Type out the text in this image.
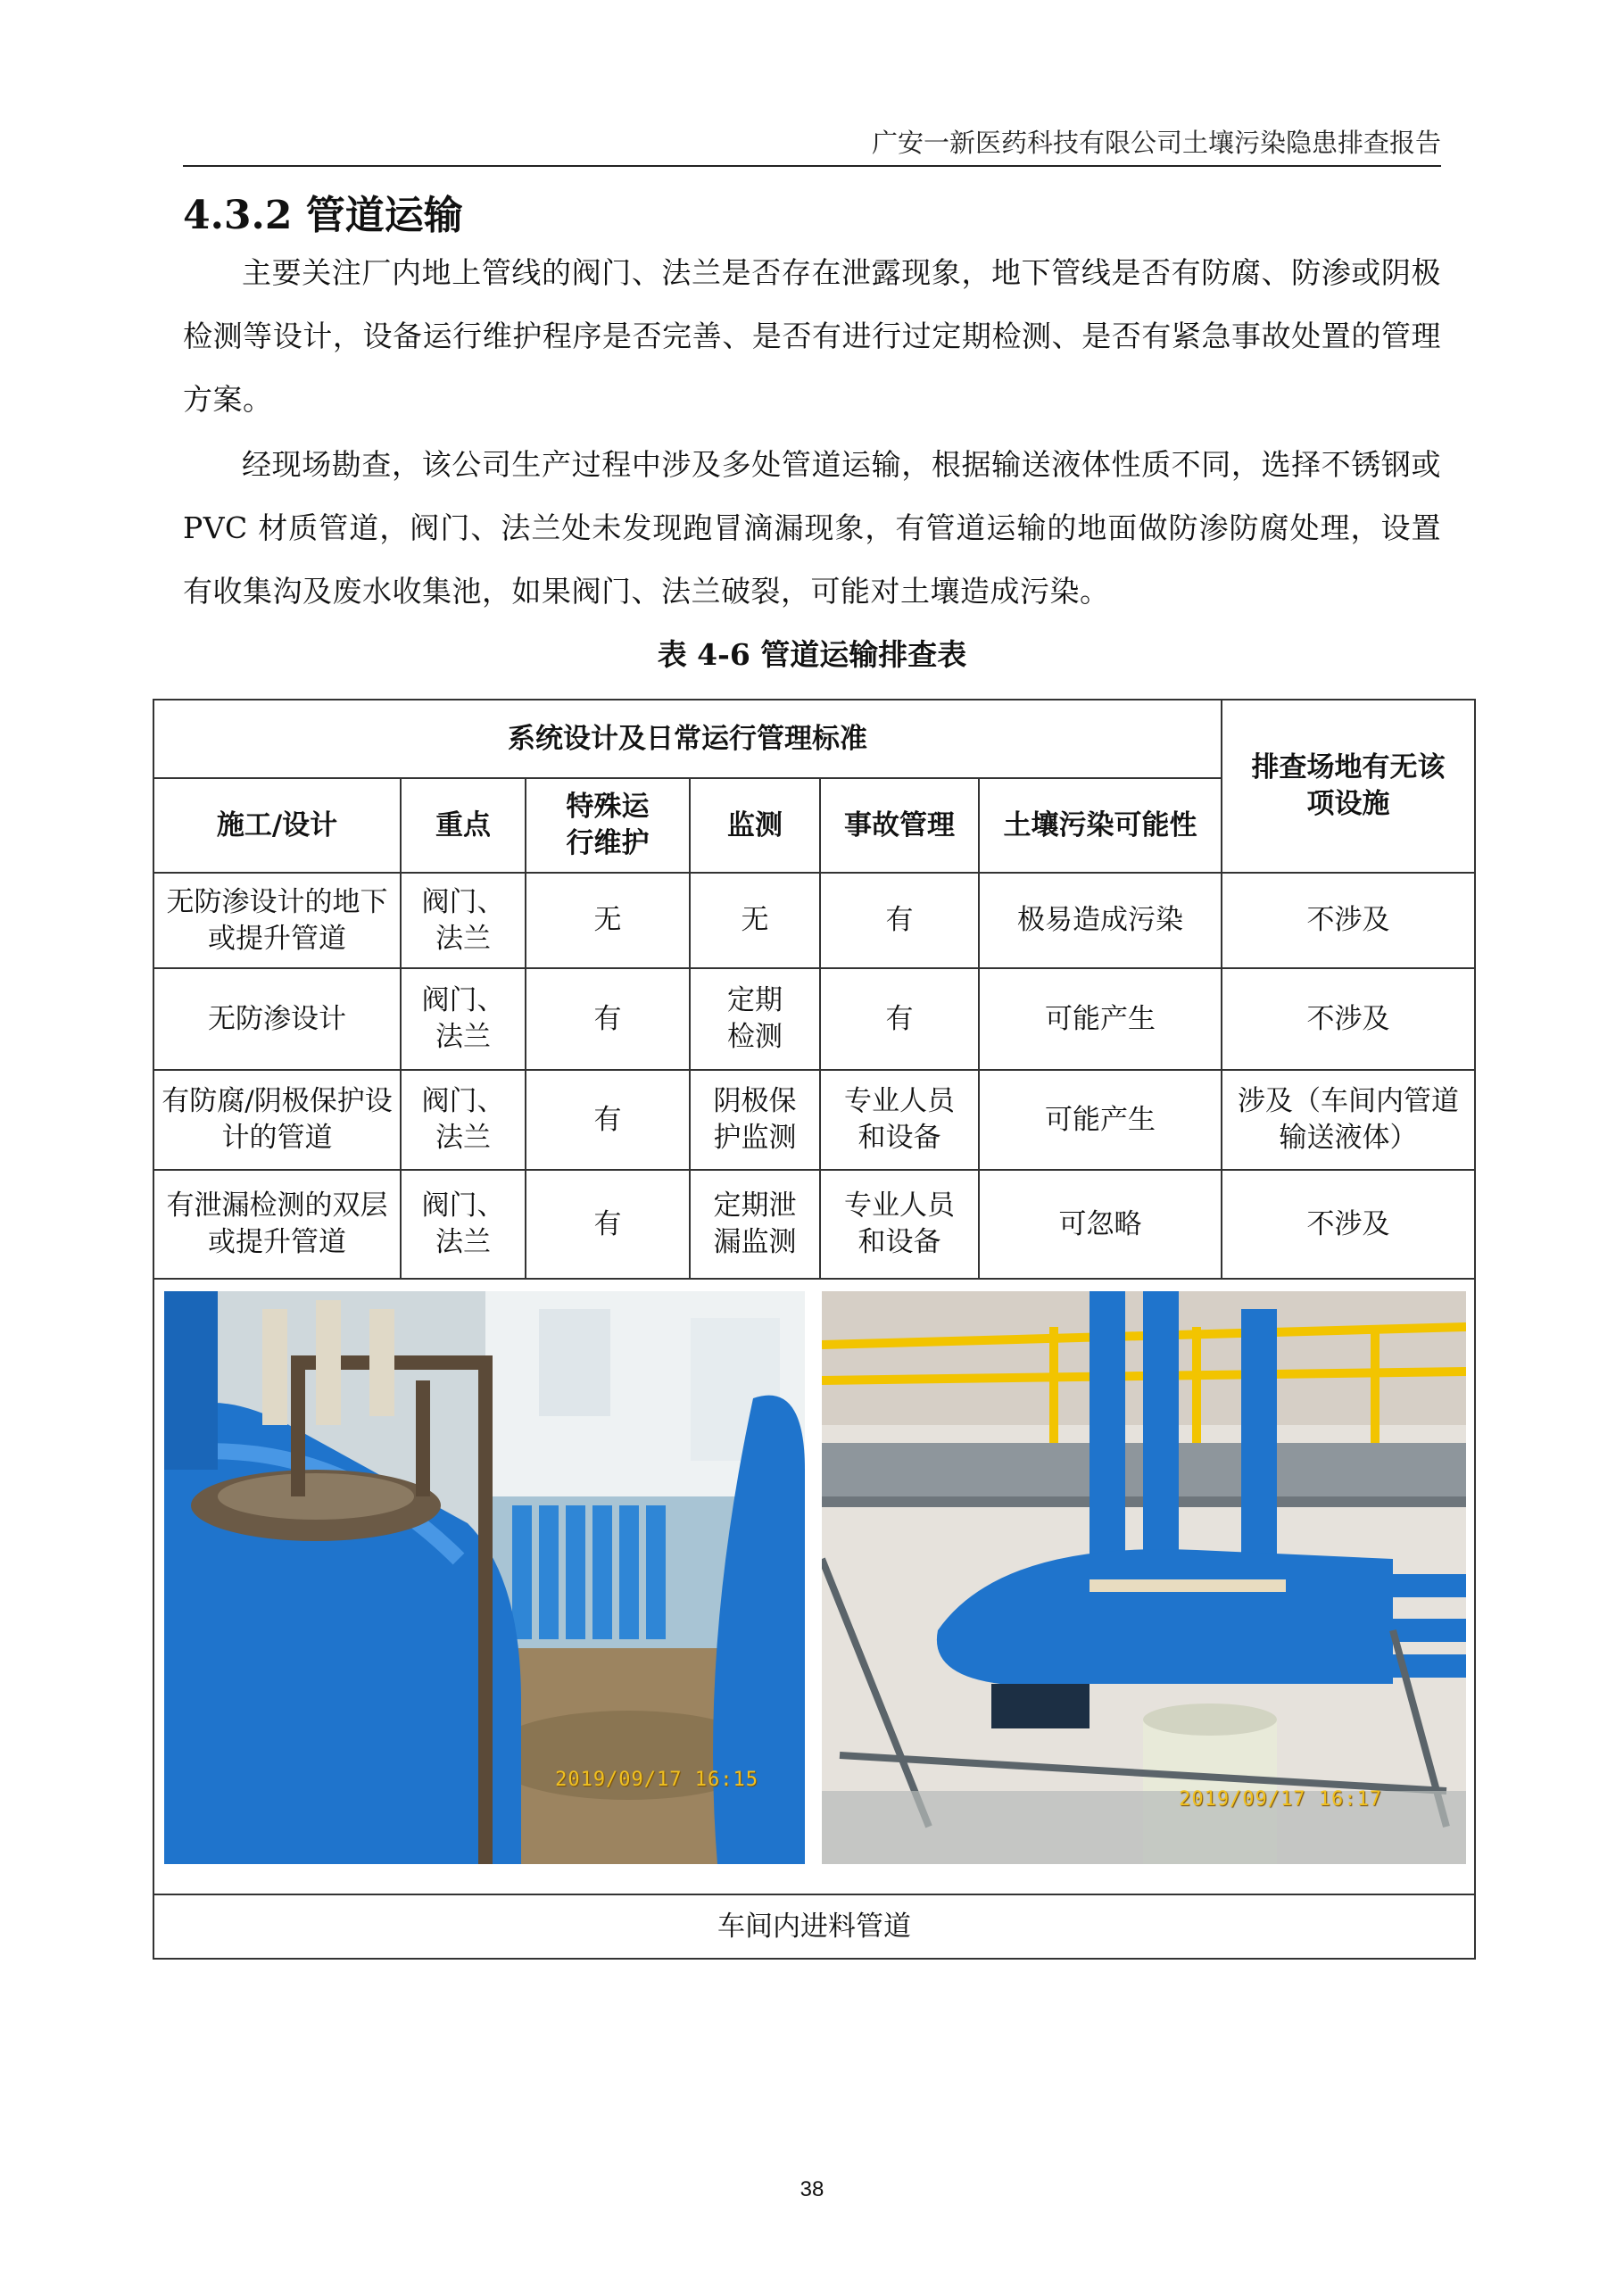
广安一新医药科技有限公司土壤污染隐患排查报告
4.3.2 管道运输
主要关注厂内地上管线的阀门、法兰是否存在泄露现象，地下管线是否有防腐、防渗或阴极检测等设计，设备运行维护程序是否完善、是否有进行过定期检测、是否有紧急事故处置的管理方案。
经现场勘查，该公司生产过程中涉及多处管道运输，根据输送液体性质不同，选择不锈钢或 PVC 材质管道，阀门、法兰处未发现跑冒滴漏现象，有管道运输的地面做防渗防腐处理，设置有收集沟及废水收集池，如果阀门、法兰破裂，可能对土壤造成污染。
表 4-6 管道运输排查表
系统设计及日常运行管理标准						排查场地有无该项设施
施工/设计	重点	特殊运行维护	监测	事故管理	土壤污染可能性	
无防渗设计的地下或提升管道	阀门、法兰	无	无	有	极易造成污染	不涉及
无防渗设计	阀门、法兰	有	定期检测	有	可能产生	不涉及
有防腐/阴极保护设计的管道	阀门、法兰	有	阴极保护监测	专业人员和设备	可能产生	涉及（车间内管道输送液体）
有泄漏检测的双层或提升管道	阀门、法兰	有	定期泄漏监测	专业人员和设备	可忽略	不涉及

2019/09/17 16:15
2019/09/17 16:17						

车间内进料管道						
38
